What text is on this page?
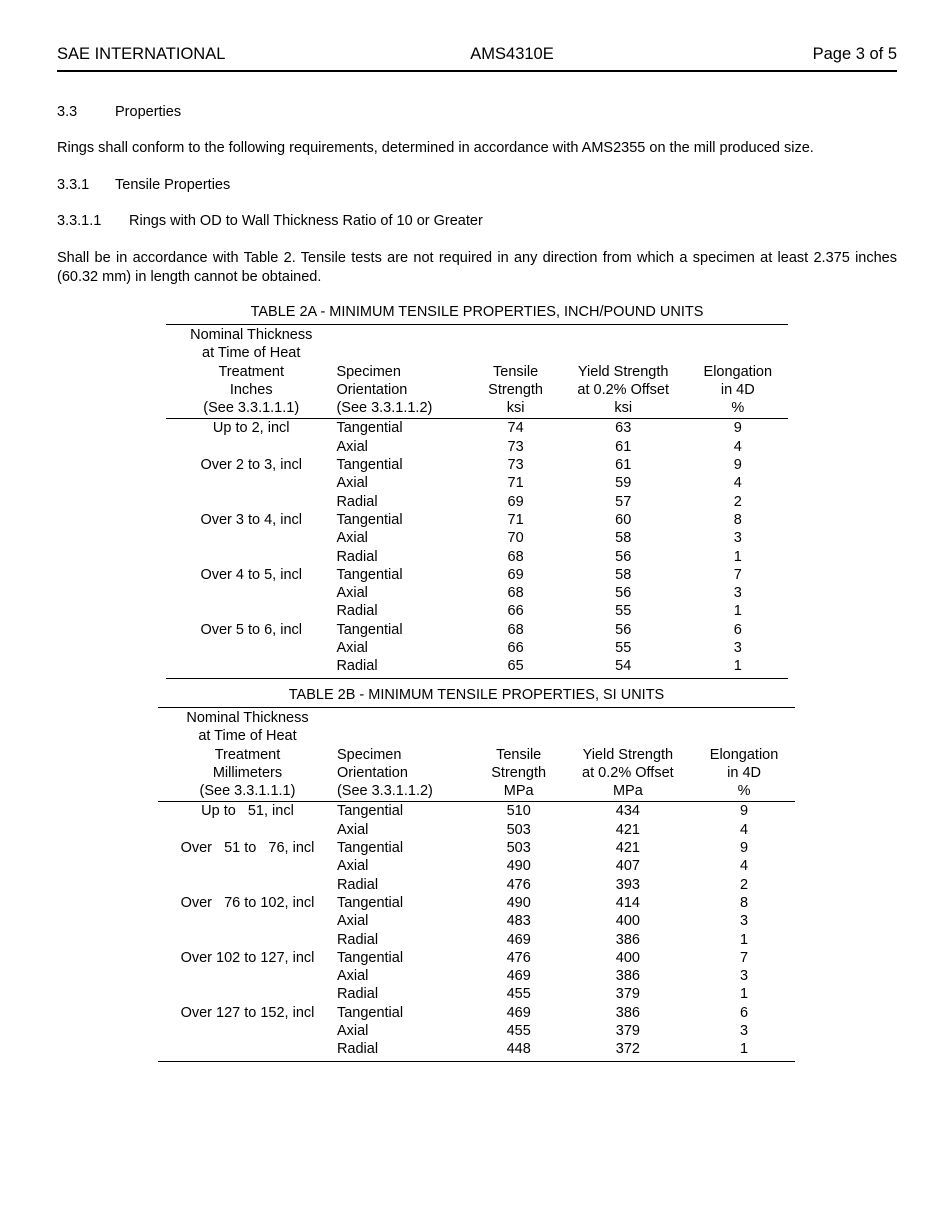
SAE INTERNATIONAL	AMS4310E	Page 3 of 5
3.3	Properties
Rings shall conform to the following requirements, determined in accordance with AMS2355 on the mill produced size.
3.3.1	Tensile Properties
3.3.1.1	Rings with OD to Wall Thickness Ratio of 10 or Greater
Shall be in accordance with Table 2. Tensile tests are not required in any direction from which a specimen at least 2.375 inches (60.32 mm) in length cannot be obtained.
TABLE 2A - MINIMUM TENSILE PROPERTIES, INCH/POUND UNITS
Nominal Thickness				
at Time of Heat				
Treatment	Specimen	Tensile	Yield Strength	Elongation
Inches	Orientation	Strength	at 0.2% Offset	in 4D
(See 3.3.1.1.1)	(See 3.3.1.1.2)	ksi	ksi	%
Up to 2, incl	Tangential	74	63	9
	Axial	73	61	4
Over 2 to 3, incl	Tangential	73	61	9
	Axial	71	59	4
	Radial	69	57	2
Over 3 to 4, incl	Tangential	71	60	8
	Axial	70	58	3
	Radial	68	56	1
Over 4 to 5, incl	Tangential	69	58	7
	Axial	68	56	3
	Radial	66	55	1
Over 5 to 6, incl	Tangential	68	56	6
	Axial	66	55	3
	Radial	65	54	1
TABLE 2B - MINIMUM TENSILE PROPERTIES, SI UNITS
Nominal Thickness				
at Time of Heat				
Treatment	Specimen	Tensile	Yield Strength	Elongation
Millimeters	Orientation	Strength	at 0.2% Offset	in 4D
(See 3.3.1.1.1)	(See 3.3.1.1.2)	MPa	MPa	%
Up to   51, incl	Tangential	510	434	9
	Axial	503	421	4
Over   51 to   76, incl	Tangential	503	421	9
	Axial	490	407	4
	Radial	476	393	2
Over   76 to 102, incl	Tangential	490	414	8
	Axial	483	400	3
	Radial	469	386	1
Over 102 to 127, incl	Tangential	476	400	7
	Axial	469	386	3
	Radial	455	379	1
Over 127 to 152, incl	Tangential	469	386	6
	Axial	455	379	3
	Radial	448	372	1
